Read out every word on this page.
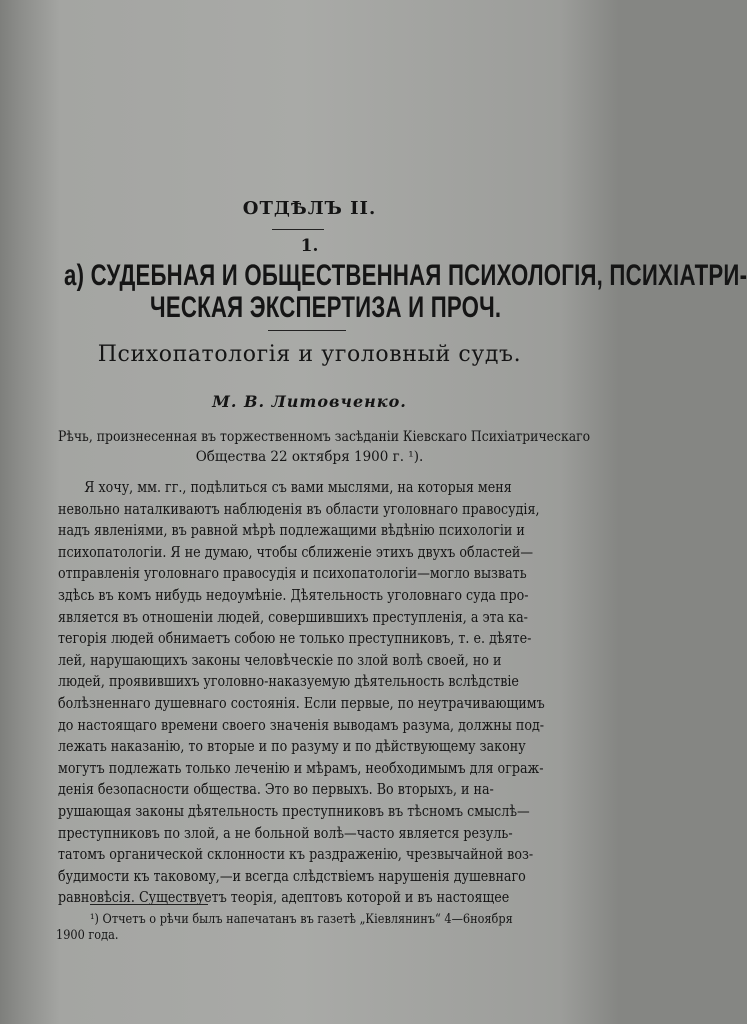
ОТДѢЛЪ II.
1.
а) СУДЕБНАЯ И ОБЩЕСТВЕННАЯ ПСИХОЛОГІЯ, ПСИХІАТРИ-
ЧЕСКАЯ ЭКСПЕРТИЗА И ПРОЧ.
Психопатологія и уголовный судъ.
М. В. Литовченко.
Рѣчь, произнесенная въ торжественномъ засѣданіи Кіевскаго Психіатрическаго
Общества 22 октября 1900 г. ¹).
Я хочу, мм. гг., подѣлиться съ вами мыслями, на которыя меня
невольно наталкиваютъ наблюденія въ области уголовнаго правосудія,
надъ явленіями, въ равной мѣрѣ подлежащими вѣдѣнію психологіи и
психопатологіи. Я не думаю, чтобы сближеніе этихъ двухъ областей—
отправленія уголовнаго правосудія и психопатологіи—могло вызвать
здѣсь въ комъ нибудь недоумѣніе. Дѣятельность уголовнаго суда про-
является въ отношеніи людей, совершившихъ преступленія, а эта ка-
тегорія людей обнимаетъ собою не только преступниковъ, т. е. дѣяте-
лей, нарушающихъ законы человѣческіе по злой волѣ своей, но и
людей, проявившихъ уголовно-наказуемую дѣятельность вслѣдствіе
болѣзненнаго душевнаго состоянія. Если первые, по неутрачивающимъ
до настоящаго времени своего значенія выводамъ разума, должны под-
лежать наказанію, то вторые и по разуму и по дѣйствующему закону
могутъ подлежать только леченію и мѣрамъ, необходимымъ для ограж-
денія безопасности общества. Это во первыхъ. Во вторыхъ, и на-
рушающая законы дѣятельность преступниковъ въ тѣсномъ смыслѣ—
преступниковъ по злой, а не больной волѣ—часто является резуль-
татомъ органической склонности къ раздраженію, чрезвычайной воз-
будимости къ таковому,—и всегда слѣдствіемъ нарушенія душевнаго
равновѣсія. Существуетъ теорія, адептовъ которой и въ настоящее
¹) Отчетъ о рѣчи былъ напечатанъ въ газетѣ „Кіевлянинъ“ 4—6ноября
1900 года.
